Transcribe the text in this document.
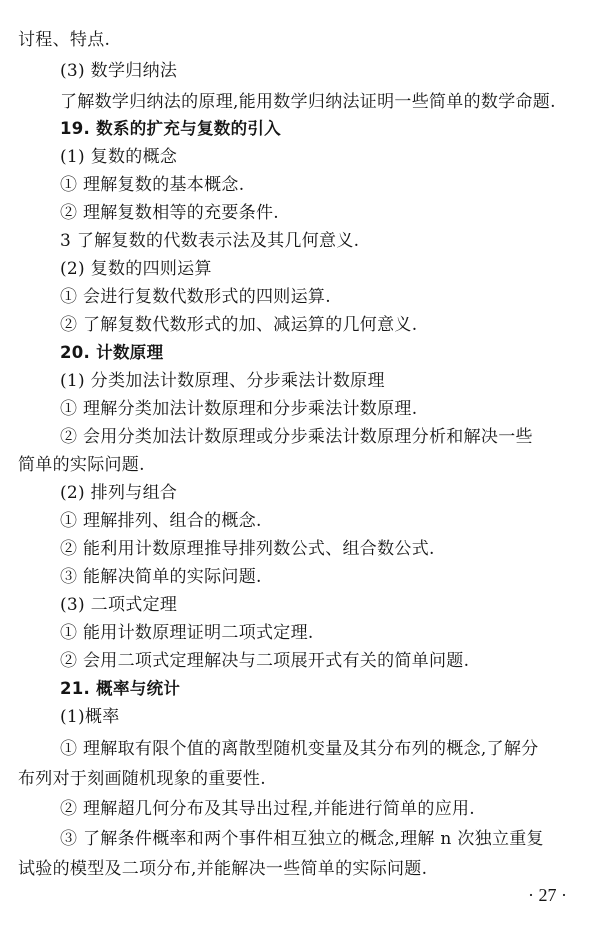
讨程、特点.
(3) 数学归纳法
了解数学归纳法的原理,能用数学归纳法证明一些简单的数学命题.
19. 数系的扩充与复数的引入
(1) 复数的概念
① 理解复数的基本概念.
② 理解复数相等的充要条件.
3 了解复数的代数表示法及其几何意义.
(2) 复数的四则运算
① 会进行复数代数形式的四则运算.
② 了解复数代数形式的加、减运算的几何意义.
20. 计数原理
(1) 分类加法计数原理、分步乘法计数原理
① 理解分类加法计数原理和分步乘法计数原理.
② 会用分类加法计数原理或分步乘法计数原理分析和解决一些
简单的实际问题.
(2) 排列与组合
① 理解排列、组合的概念.
② 能利用计数原理推导排列数公式、组合数公式.
③ 能解决简单的实际问题.
(3) 二项式定理
① 能用计数原理证明二项式定理.
② 会用二项式定理解决与二项展开式有关的简单问题.
21. 概率与统计
(1)概率
① 理解取有限个值的离散型随机变量及其分布列的概念,了解分
布列对于刻画随机现象的重要性.
② 理解超几何分布及其导出过程,并能进行简单的应用.
③ 了解条件概率和两个事件相互独立的概念,理解 n 次独立重复
试验的模型及二项分布,并能解决一些简单的实际问题.
· 27 ·
